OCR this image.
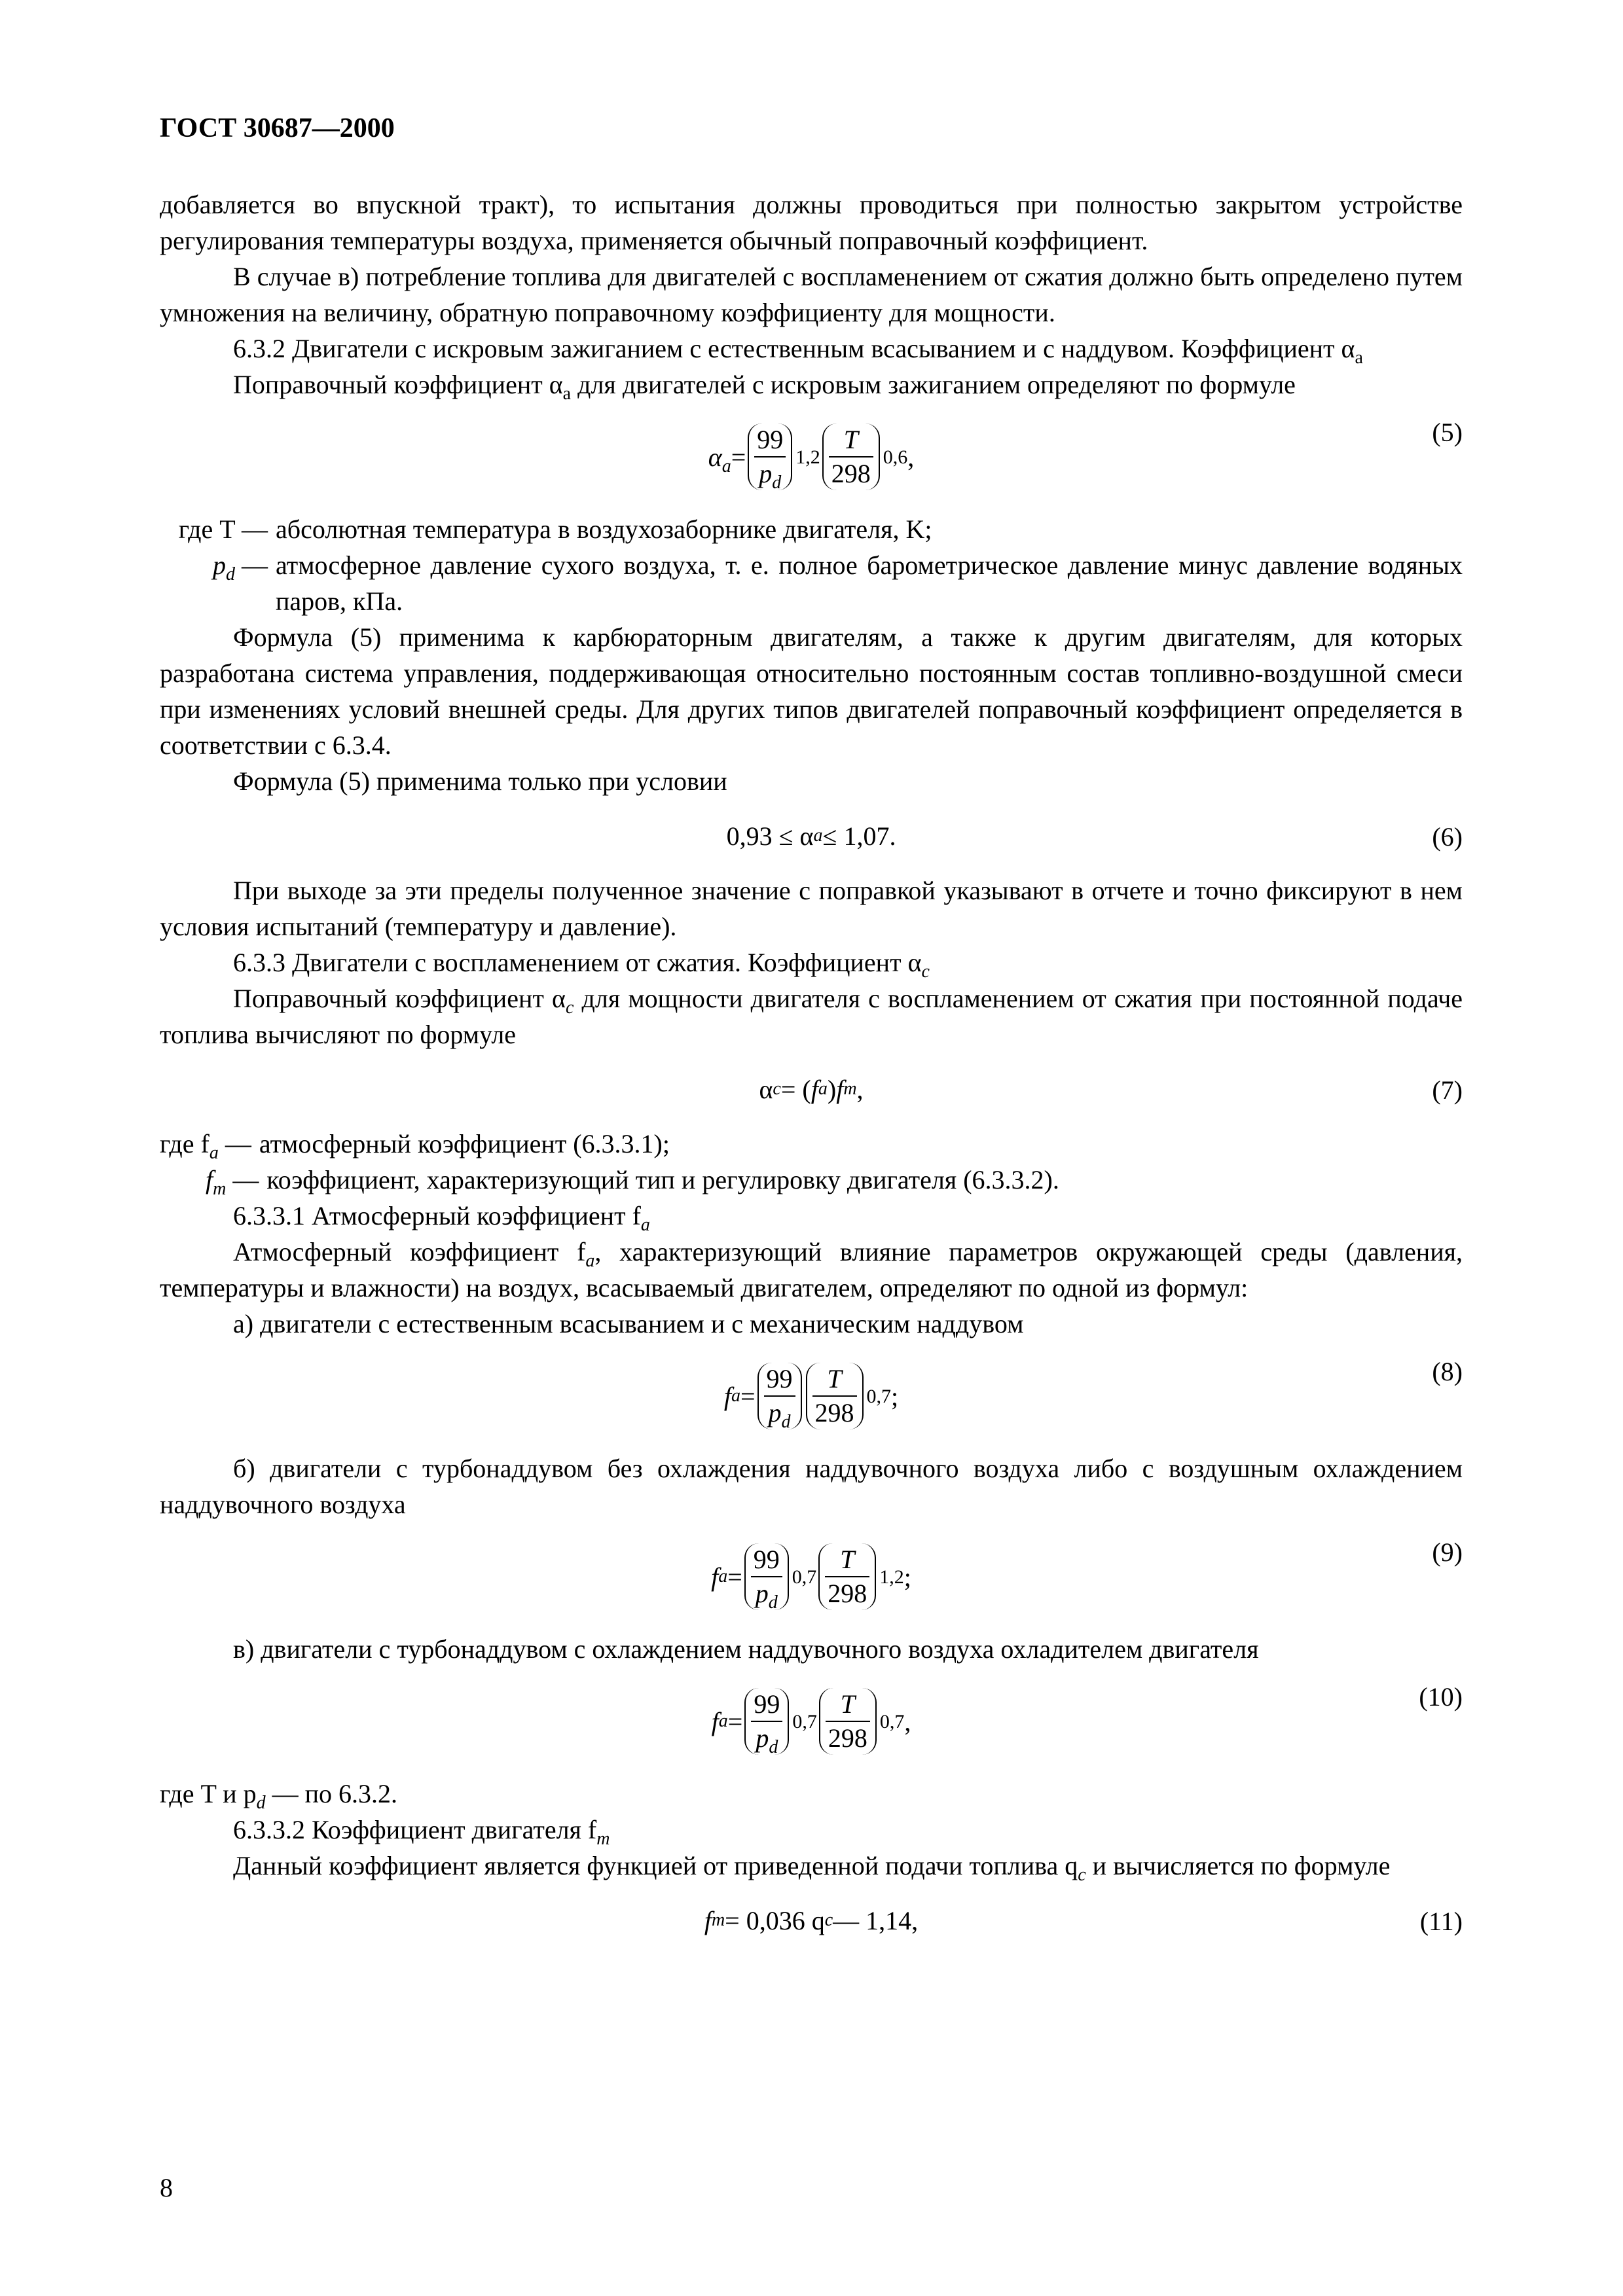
ГОСТ 30687—2000

добавляется во впускной тракт), то испытания должны проводиться при полностью закрытом устройстве регулирования температуры воздуха, применяется обычный поправочный коэффициент.

В случае в) потребление топлива для двигателей с воспламенением от сжатия должно быть определено путем умножения на величину, обратную поправочному коэффициенту для мощности.

6.3.2 Двигатели с искровым зажиганием с естественным всасыванием и с наддувом. Коэффициент $\alpha_a$

Поправочный коэффициент $\alpha_a$ для двигателей с искровым зажиганием определяют по формуле

$\alpha_a = \frac{99}{p_d} 1,2 \frac{T}{298} 0,6$ ,
(5)
где T — абсолютная температура в воздухозаборнике двигателя, K;
$p_d$ — атмосферное давление сухого воздуха, т. е. полное барометрическое давление минус давление водяных паров, кПа.

Формула (5) применима к карбюраторным двигателям, а также к другим двигателям, для которых разработана система управления, поддерживающая относительно постоянным состав топливно-воздушной смеси при изменениях условий внешней среды. Для других типов двигателей поправочный коэффициент определяется в соответствии с 6.3.4.

Формула (5) применима только при условии

0,93 ≤ α a ≤ 1,07.	(6)

При выходе за эти пределы полученное значение с поправкой указывают в отчете и точно фиксируют в нем условия испытаний (температуру и давление).

6.3.3 Двигатели с воспламенением от сжатия. Коэффициент $\alpha_c$

Поправочный коэффициент $\alpha_c$ для мощности двигателя с воспламенением от сжатия при постоянной подаче топлива вычисляют по формуле

α c = ( f a ) f m ,	(7)
где $f_a$ — атмосферный коэффициент (6.3.3.1);
$f_m$ — коэффициент, характеризующий тип и регулировку двигателя (6.3.3.2).

6.3.3.1 Атмосферный коэффициент $f_a$

Атмосферный коэффициент $f_a$, характеризующий влияние параметров окружающей среды (давления, температуры и влажности) на воздух, всасываемый двигателем, определяют по одной из формул:

а) двигатели с естественным всасыванием и с механическим наддувом

f $a = \frac{99}{p_d} \frac{T}{298} 0,7$ ;
(8)

б) двигатели с турбонаддувом без охлаждения наддувочного воздуха либо с воздушным охлаждением наддувочного воздуха

f $a = \frac{99}{p_d} 0,7 \frac{T}{298} 1,2$ ;
(9)

в) двигатели с турбонаддувом с охлаждением наддувочного воздуха охладителем двигателя

f $a = \frac{99}{p_d} 0,7 \frac{T}{298} 0,7$ ,
(10)

где T и $p_d$ — по 6.3.2.

6.3.3.2 Коэффициент двигателя $f_m$

Данный коэффициент является функцией от приведенной подачи топлива $q_c$ и вычисляется по формуле

f m = 0,036 q c — 1,14,	(11)
8
